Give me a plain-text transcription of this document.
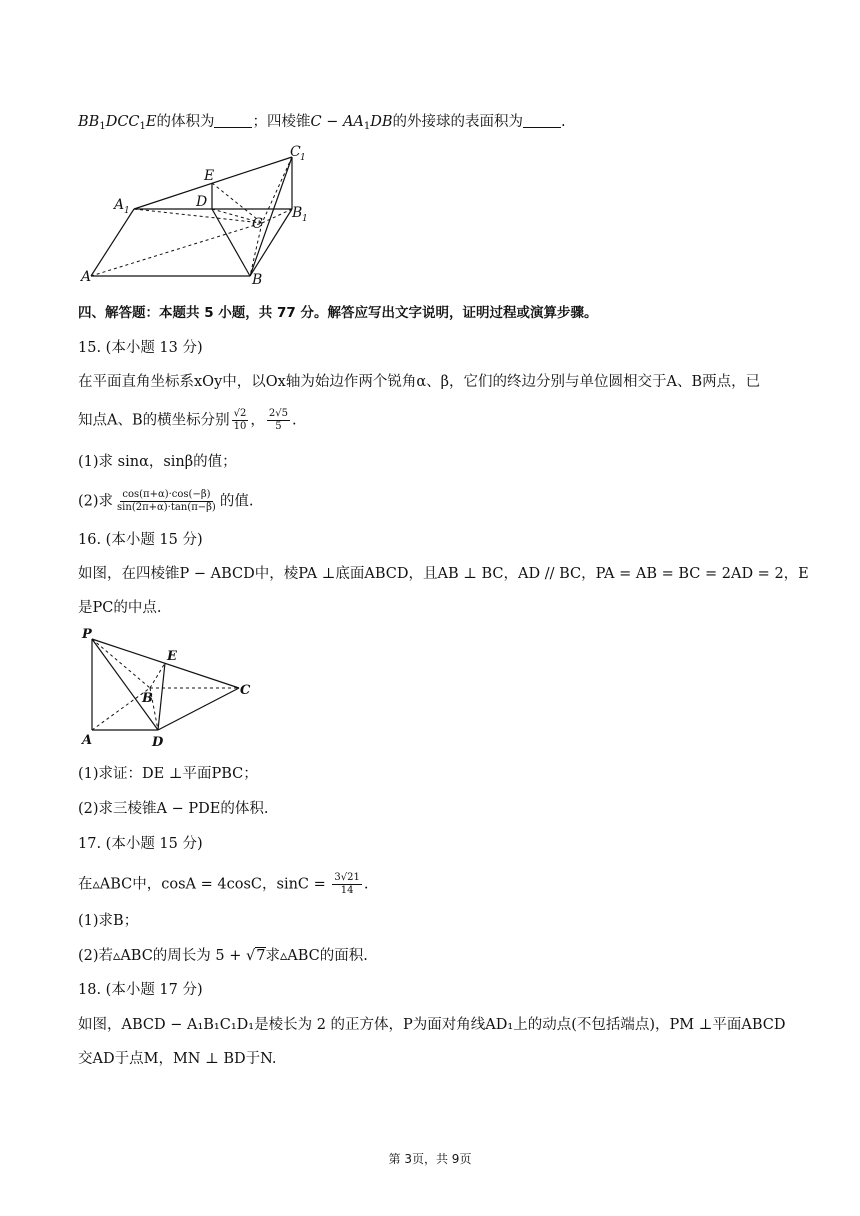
$BB_1DCC_1E$的体积为	；四棱锥$C - AA_1DB$的外接球的表面积为	.
C 1
E
D
A 1	B 1
C
A	B
四、解答题：本题共 5 小题，共 77 分。解答应写出文字说明，证明过程或演算步骤。
15. (本小题 13 分)
在平面直角坐标系xOy中，以Ox轴为始边作两个锐角α、β，它们的终边分别与单位圆相交于A、B两点，已
知点A、B的横坐标分别 $\frac{√2}{10}$ ， $\frac{2√5}{5}$ .
(1)求 sinα，sinβ的值；
(2)求 $\frac{\cos(\pi+\alpha)\cdot\cos(-\beta)}{\sin(2\pi+\alpha)\cdot\tan(\pi-\beta)}$ 的值.
16. (本小题 15 分)
如图，在四棱锥P − ABCD中，棱PA ⊥底面ABCD，且AB ⊥ BC，AD // BC，PA = AB = BC = 2AD = 2，E
是PC的中点.
P
E
B
C
A	D
(1)求证：DE ⊥平面PBC；
(2)求三棱锥A − PDE的体积.
17. (本小题 15 分)
在▵ABC中，cosA = 4cosC，$\sin C = \frac{3√21}{14}$ .
(1)求B；
(2)若▵ABC的周长为 5 + √7求▵ABC的面积.
18. (本小题 17 分)
如图，ABCD − A₁B₁C₁D₁是棱长为 2 的正方体，P为面对角线AD₁上的动点(不包括端点)，PM ⊥平面ABCD
交AD于点M，MN ⊥ BD于N.
第 3页，共 9页
